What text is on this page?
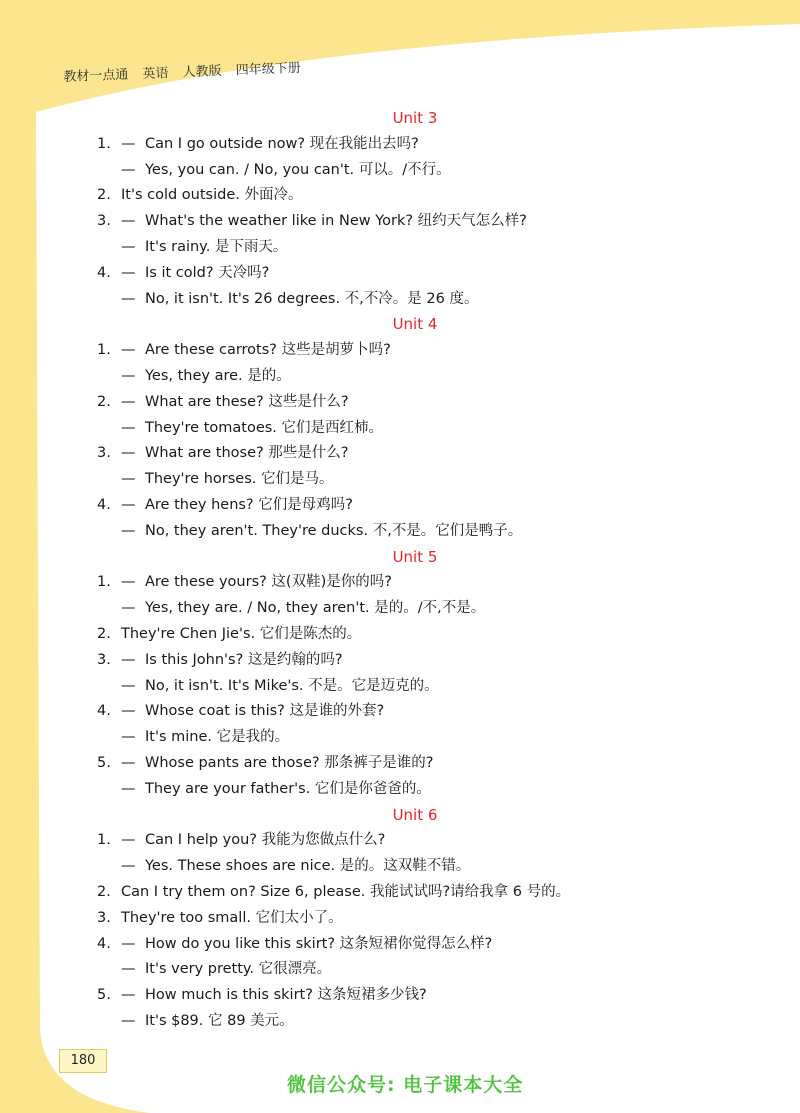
教材一点通 英语 人教版 四年级下册
Unit 3
1. — Can I go outside now? 现在我能出去吗?
— Yes, you can. / No, you can't. 可以。/不行。
2. It's cold outside. 外面冷。
3. — What's the weather like in New York? 纽约天气怎么样?
— It's rainy. 是下雨天。
4. — Is it cold? 天冷吗?
— No, it isn't. It's 26 degrees. 不,不冷。是 26 度。
Unit 4
1. — Are these carrots? 这些是胡萝卜吗?
— Yes, they are. 是的。
2. — What are these? 这些是什么?
— They're tomatoes. 它们是西红柿。
3. — What are those? 那些是什么?
— They're horses. 它们是马。
4. — Are they hens? 它们是母鸡吗?
— No, they aren't. They're ducks. 不,不是。它们是鸭子。
Unit 5
1. — Are these yours? 这(双鞋)是你的吗?
— Yes, they are. / No, they aren't. 是的。/不,不是。
2. They're Chen Jie's. 它们是陈杰的。
3. — Is this John's? 这是约翰的吗?
— No, it isn't. It's Mike's. 不是。它是迈克的。
4. — Whose coat is this? 这是谁的外套?
— It's mine. 它是我的。
5. — Whose pants are those? 那条裤子是谁的?
— They are your father's. 它们是你爸爸的。
Unit 6
1. — Can I help you? 我能为您做点什么?
— Yes. These shoes are nice. 是的。这双鞋不错。
2. Can I try them on? Size 6, please. 我能试试吗?请给我拿 6 号的。
3. They're too small. 它们太小了。
4. — How do you like this skirt? 这条短裙你觉得怎么样?
— It's very pretty. 它很漂亮。
5. — How much is this skirt? 这条短裙多少钱?
— It's $89. 它 89 美元。
180
微信公众号: 电子课本大全
